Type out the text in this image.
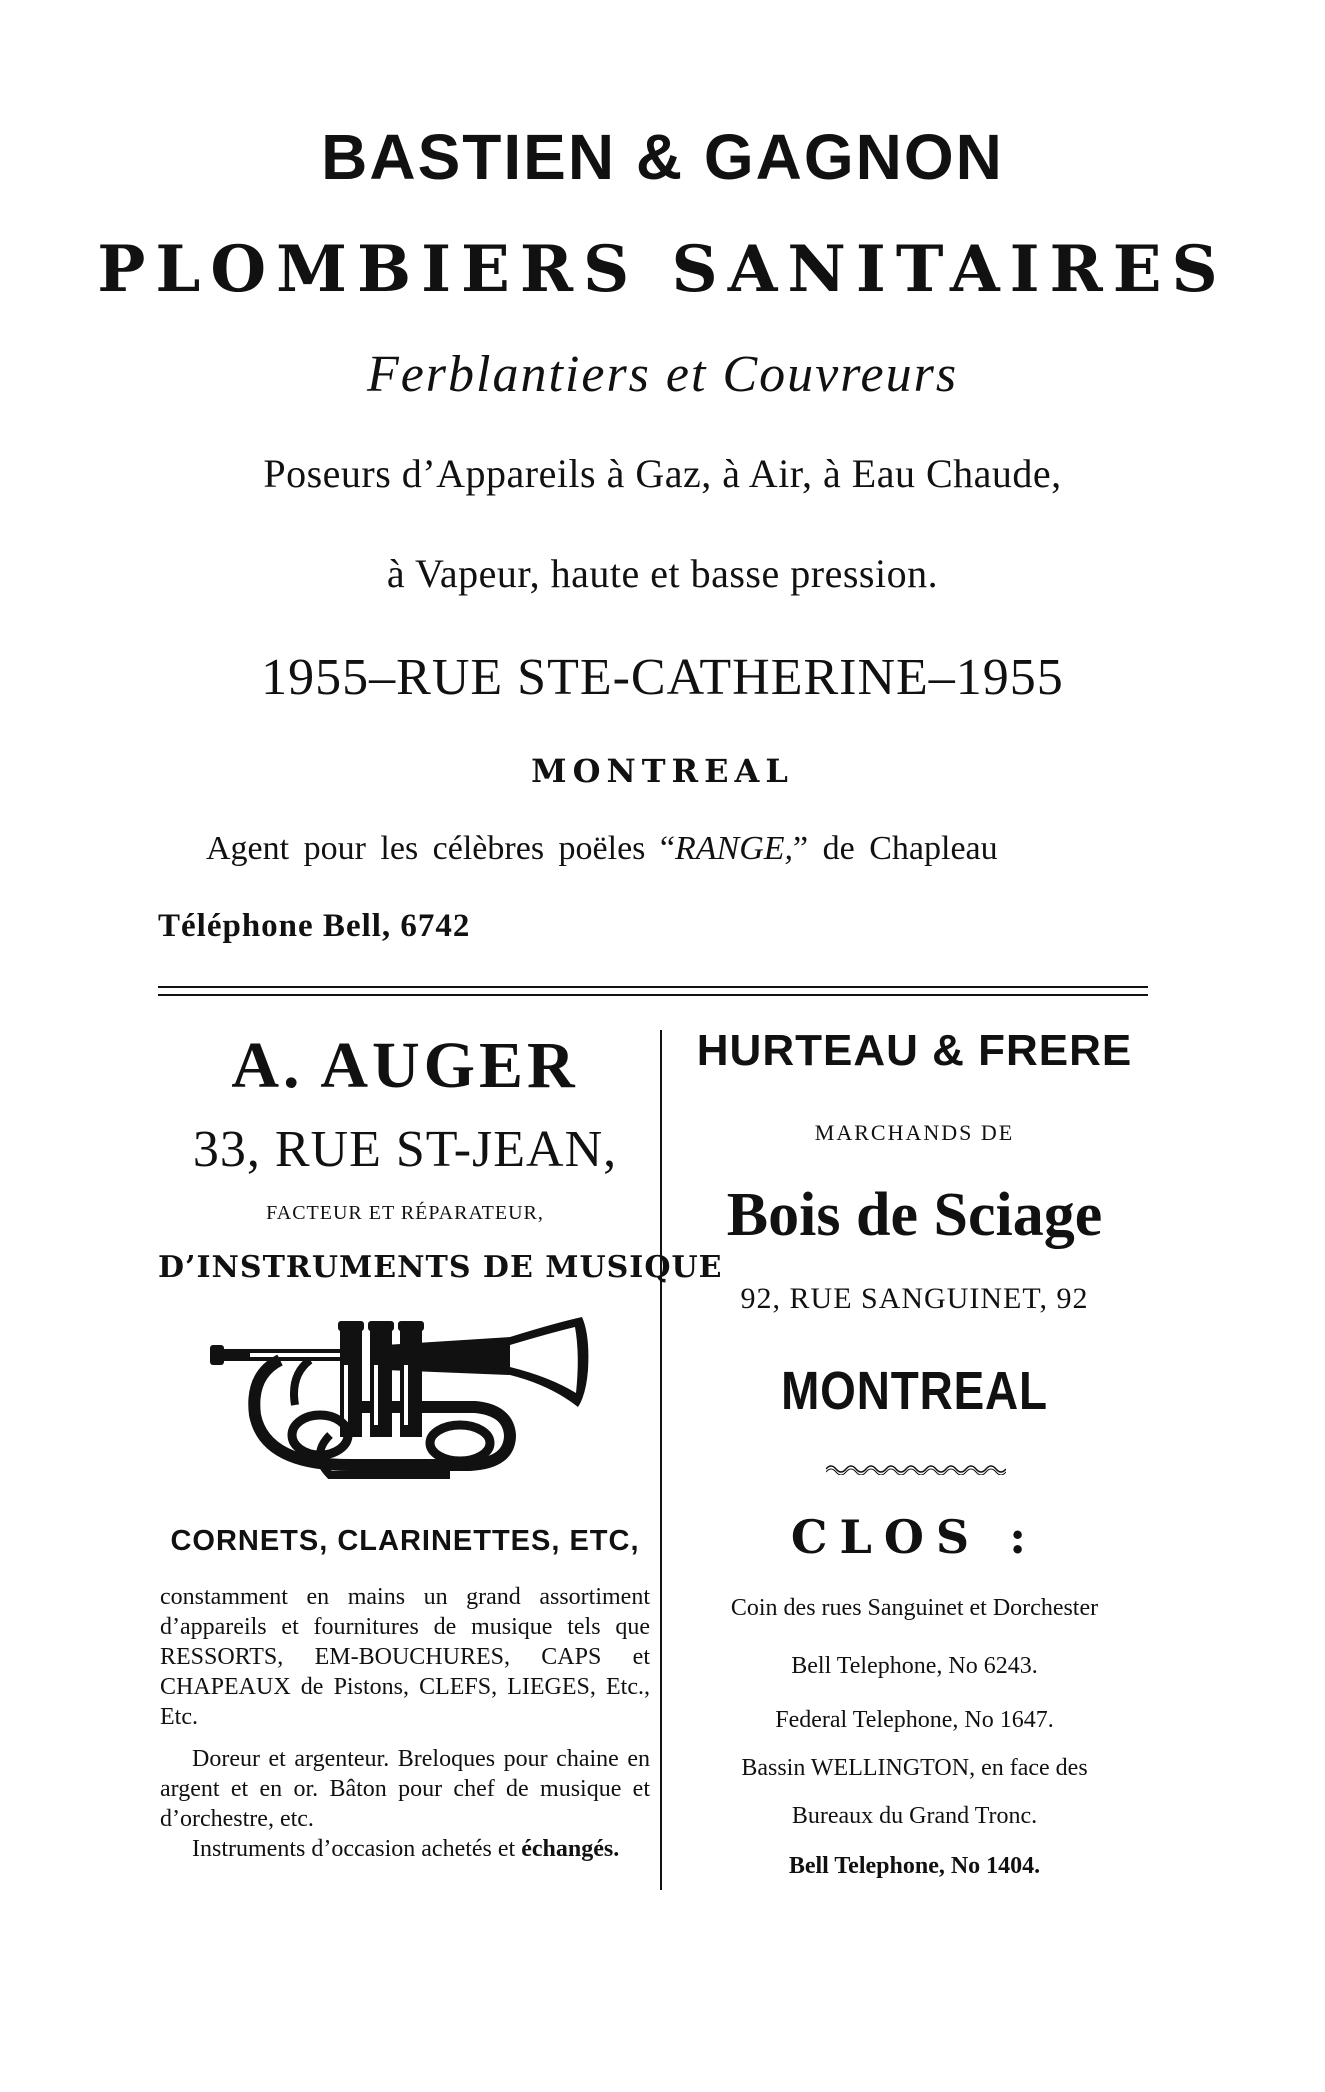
BASTIEN & GAGNON
PLOMBIERS SANITAIRES
Ferblantiers et Couvreurs
Poseurs d’Appareils à Gaz, à Air, à Eau Chaude,
à Vapeur, haute et basse pression.
1955–RUE STE-CATHERINE–1955
MONTREAL
Agent pour les célèbres poëles “RANGE,” de Chapleau
Téléphone Bell, 6742
A. AUGER
33, RUE ST-JEAN,
FACTEUR ET RÉPARATEUR,
D’INSTRUMENTS DE MUSIQUE
CORNETS, CLARINETTES, ETC,

constamment en mains un grand assortiment d’appareils et fournitures de musique tels que RESSORTS, EM-BOUCHURES, CAPS et CHAPEAUX de Pistons, CLEFS, LIEGES, Etc., Etc.

Doreur et argenteur. Breloques pour chaine en argent et en or. Bâton pour chef de musique et d’orchestre, etc.

Instruments d’occasion achetés et échangés.

HURTEAU & FRERE
MARCHANDS DE
Bois de Sciage
92, RUE SANGUINET, 92
MONTREAL
CLOS :
Coin des rues Sanguinet et Dorchester
Bell Telephone, No 6243.
Federal Telephone, No 1647.
Bassin WELLINGTON, en face des
Bureaux du Grand Tronc.
Bell Telephone, No 1404.
